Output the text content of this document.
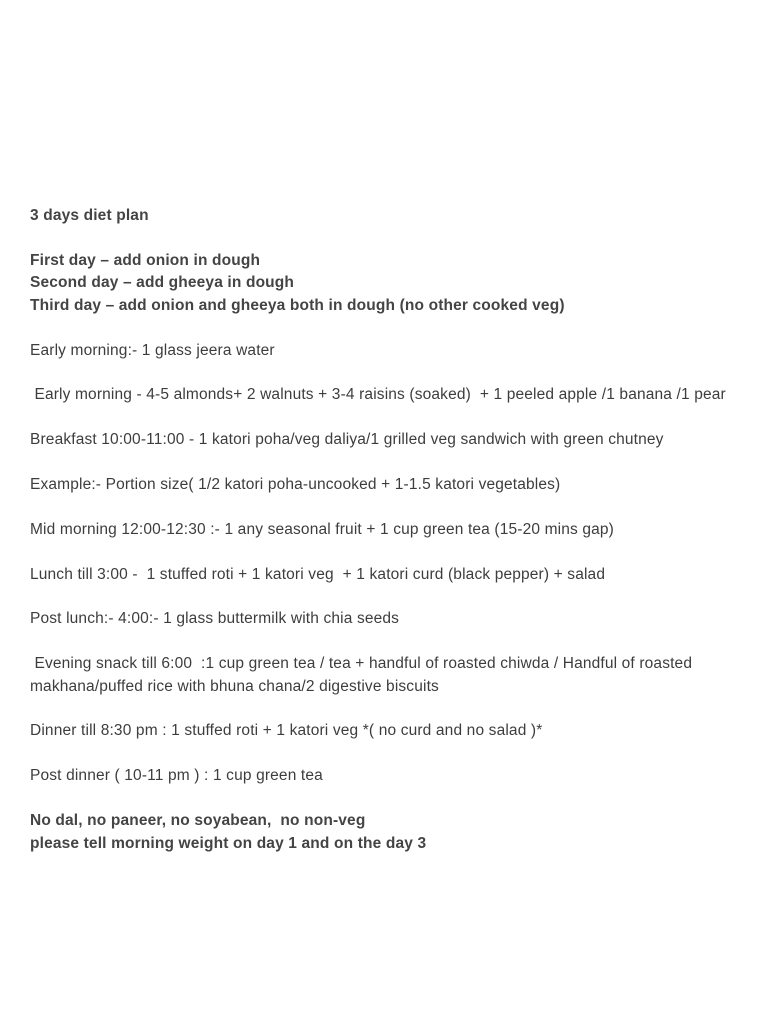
3 days diet plan

First day – add onion in dough

Second day – add gheeya in dough

Third day – add onion and gheeya both in dough (no other cooked veg)

Early morning:- 1 glass jeera water

Early morning - 4-5 almonds+ 2 walnuts + 3-4 raisins (soaked)  + 1 peeled apple /1 banana /1 pear

Breakfast 10:00-11:00 - 1 katori poha/veg daliya/1 grilled veg sandwich with green chutney

Example:- Portion size( 1/2 katori poha-uncooked + 1-1.5 katori vegetables)

Mid morning 12:00-12:30 :- 1 any seasonal fruit + 1 cup green tea (15-20 mins gap)

Lunch till 3:00 -  1 stuffed roti + 1 katori veg  + 1 katori curd (black pepper) + salad

Post lunch:- 4:00:- 1 glass buttermilk with chia seeds

Evening snack till 6:00  :1 cup green tea / tea + handful of roasted chiwda / Handful of roasted makhana/puffed rice with bhuna chana/2 digestive biscuits

Dinner till 8:30 pm : 1 stuffed roti + 1 katori veg *( no curd and no salad )*

Post dinner ( 10-11 pm ) : 1 cup green tea

No dal, no paneer, no soyabean,  no non-veg

please tell morning weight on day 1 and on the day 3
